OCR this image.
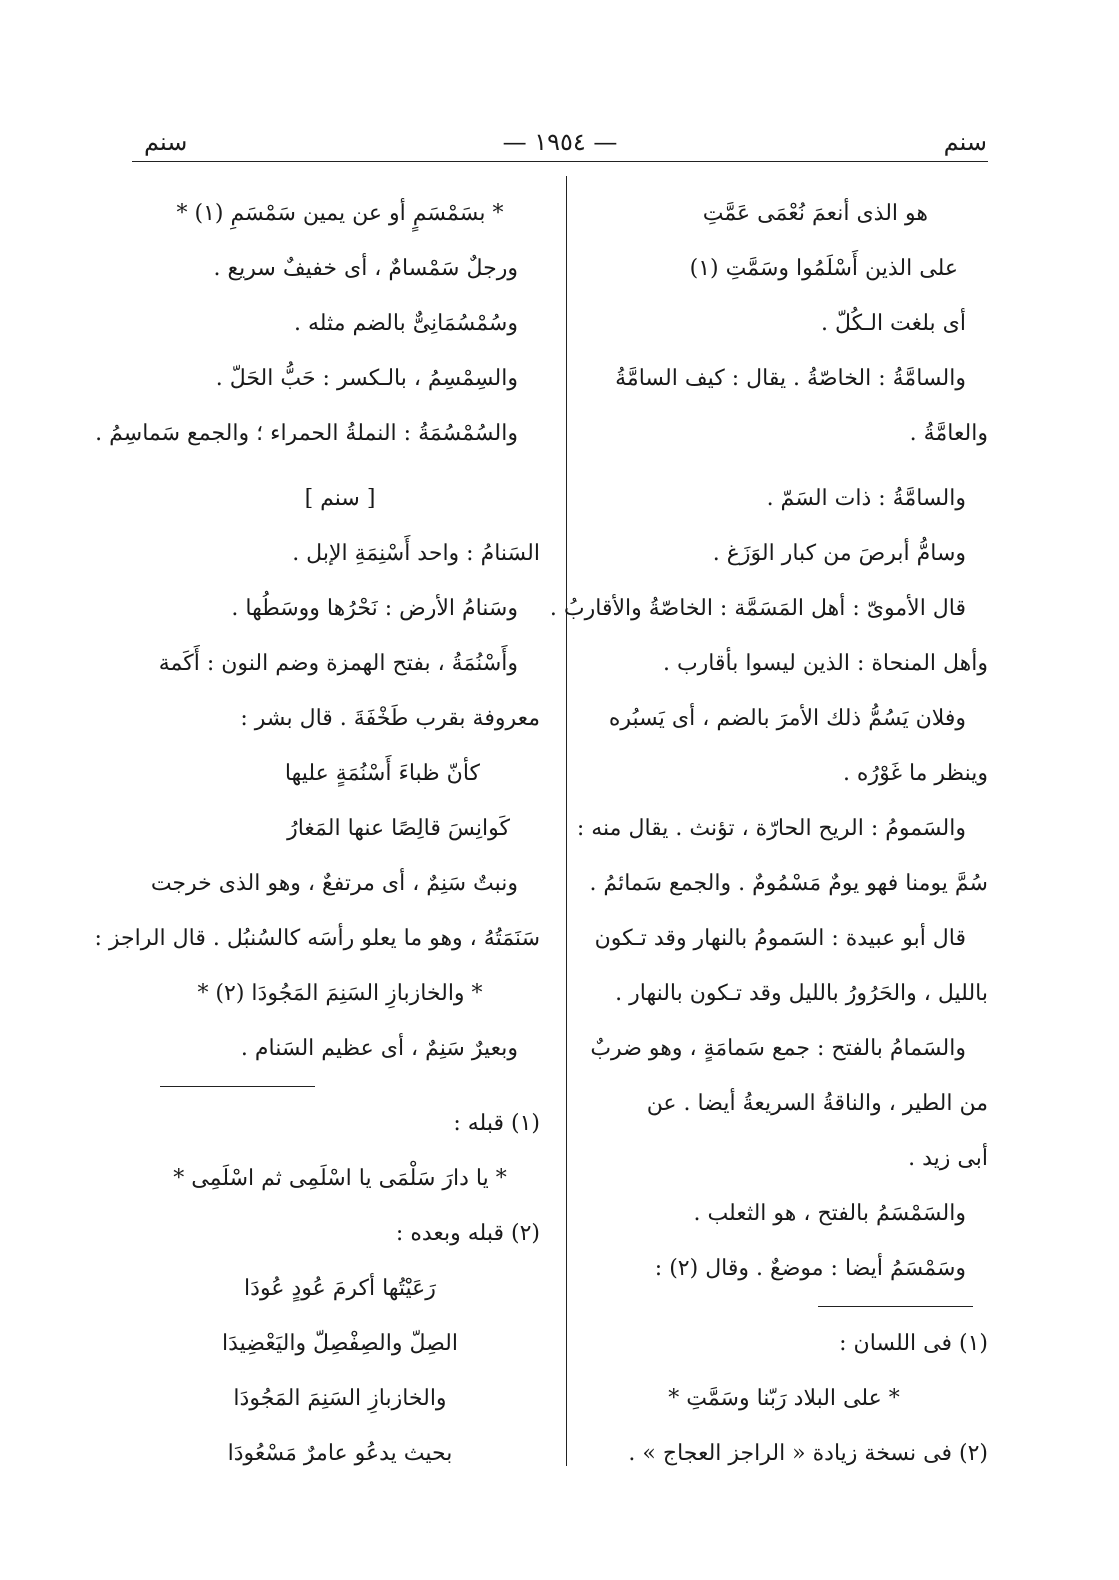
سنم
— ١٩٥٤ —
سنم
هو الذى أنعمَ نُعْمَى عَمَّتِ
على الذين أَسْلَمُوا وسَمَّتِ (١)
أى بلغت الـكُلّ .
والسامَّةُ : الخاصّةُ . يقال : كيف السامَّةُ
والعامَّةُ .
والسامَّةُ : ذات السَمّ .
وسامُّ أبرصَ من كبار الوَزَغ .
قال الأموىّ : أهل المَسَمَّة : الخاصّةُ والأقاربُ .
وأهل المنحاة : الذين ليسوا بأقارب .
وفلان يَسُمُّ ذلك الأمرَ بالضم ، أى يَسبُره
وينظر ما غَوْرُه .
والسَمومُ : الريح الحارّة ، تؤنث . يقال منه :
سُمَّ يومنا فهو يومٌ مَسْمُومٌ . والجمع سَمائمُ .
قال أبو عبيدة : السَمومُ بالنهار وقد تـكون
بالليل ، والحَرُورُ بالليل وقد تـكون بالنهار .
والسَمامُ بالفتح : جمع سَمامَةٍ ، وهو ضربٌ
من الطير ، والناقةُ السريعةُ أيضا . عن
أبى زيد .
والسَمْسَمُ بالفتح ، هو الثعلب .
وسَمْسَمُ أيضا : موضعٌ . وقال (٢) :
(١) فى اللسان :
* على البلاد رَبّنا وسَمَّتِ *
(٢) فى نسخة زيادة « الراجز العجاج » .
* بسَمْسَمٍ أو عن يمين سَمْسَمِ (١) *
ورجلٌ سَمْسامٌ ، أى خفيفٌ سريع .
وسُمْسُمَانِىٌّ بالضم مثله .
والسِمْسِمُ ، بالـكسر : حَبُّ الحَلّ .
والسُمْسُمَةُ : النملةُ الحمراء ؛ والجمع سَماسِمُ .
[ سنم ]
السَنامُ : واحد أَسْنِمَةِ الإبل .
وسَنامُ الأرض : نَحْرُها ووسَطُها .
وأَسْنُمَةُ ، بفتح الهمزة وضم النون : أَكَمة
معروفة بقرب طَخْفَةَ . قال بشر :
كأنّ ظباءَ أَسْنُمَةٍ عليها
كَوانِسَ قالِصًا عنها المَغارُ
ونبتٌ سَنِمٌ ، أى مرتفعٌ ، وهو الذى خرجت
سَنَمَتُهُ ، وهو ما يعلو رأسَه كالسُنبُل . قال الراجز :
* والخازبازِ السَنِمَ المَجُودَا (٢) *
وبعيرٌ سَنِمٌ ، أى عظيم السَنام .
(١) قبله :
* يا دارَ سَلْمَى يا اسْلَمِى ثم اسْلَمِى *
(٢) قبله وبعده :
رَعَيْتُها أكرمَ عُودٍ عُودَا
الصِلّ والصِفْصِلّ واليَعْضِيدَا
والخازبازِ السَنِمَ المَجُودَا
بحيث يدعُو عامرٌ مَسْعُودَا
